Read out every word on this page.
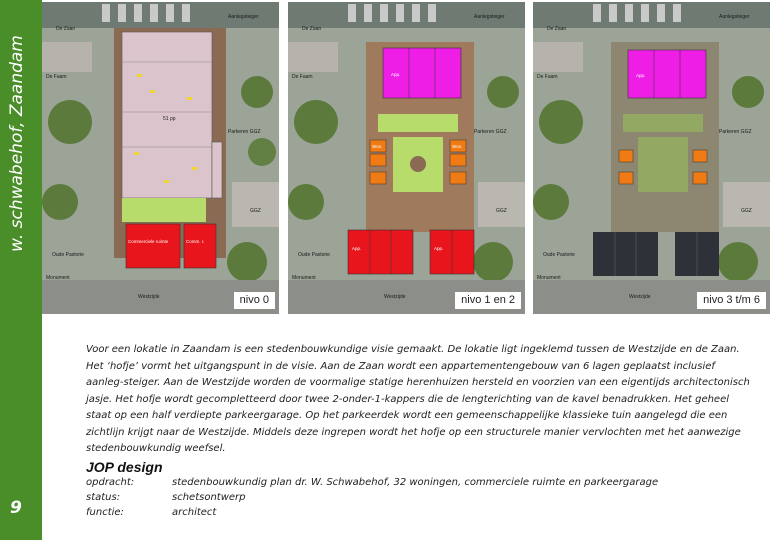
w. schwabehof, Zaandam
9
De Zaan
Aanlegsteiger
De Faam
Parkeren GGZ
GGZ
Oude Pastorie
Monument
Westzijde
51 pp
Commerciele ruimte	Comm. r.
nivo 0
De Zaan
Aanlegsteiger
De Faam
Parkeren GGZ
GGZ
Oude Pastorie
Monument
Westzijde
App.
Won.	Won.
App.	App.
nivo 1 en 2
De Zaan
Aanlegsteiger
De Faam
Parkeren GGZ
GGZ
Oude Pastorie
Monument
Westzijde
App.
nivo 3 t/m 6

Voor een lokatie in Zaandam is een stedenbouwkundige visie gemaakt. De lokatie ligt ingeklemd tussen de Westzijde en de Zaan. Het ‘hofje’ vormt het uitgangspunt in de visie. Aan de Zaan wordt een appartementengebouw van 6 lagen geplaatst inclusief aanleg-steiger. Aan de Westzijde worden de voormalige statige herenhuizen hersteld en voorzien van een eigentijds architectonisch jasje. Het hofje wordt gecompletteerd door twee 2-onder-1-kappers die de lengterichting van de kavel benadrukken. Het geheel staat op een half verdiepte parkeergarage. Op het parkeerdek wordt een gemeenschappelijke klassieke tuin aangelegd die een zichtlijn krijgt naar de Westzijde. Middels deze ingrepen wordt het hofje op een structurele manier vervlochten met het aanwezige stedenbouwkundig weefsel.

JOP design
opdracht:	stedenbouwkundig plan dr. W. Schwabehof, 32 woningen, commerciele ruimte en parkeergarage
status:	schetsontwerp
functie:	architect
